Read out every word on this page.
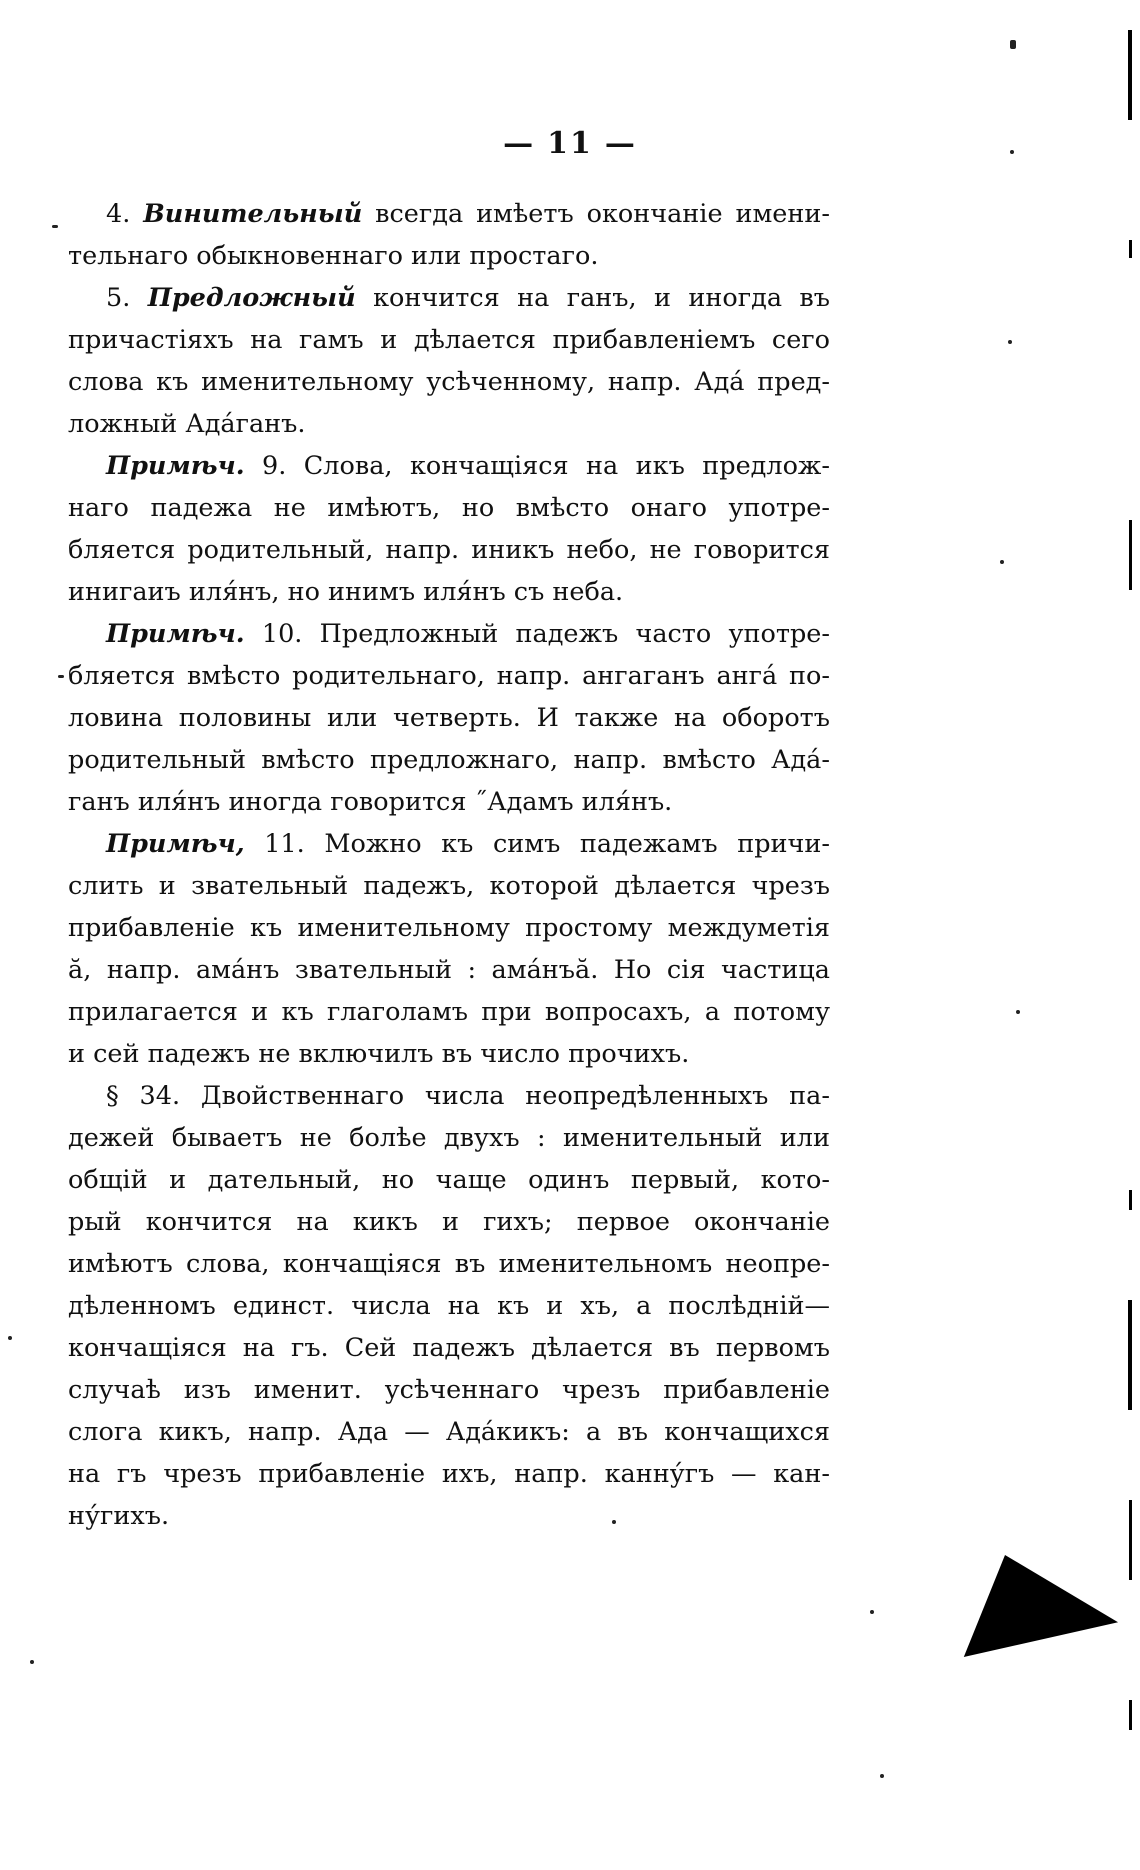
— 11 —
4. Винительный всегда имѣетъ окончаніе имени-
тельнаго обыкновеннаго или простаго.
5. Предложный кончится на ганъ, и иногда въ
причастіяхъ на гамъ и дѣлается прибавленіемъ сего
слова къ именительному усѣченному, напр. Ада́ пред-
ложный Ада́ганъ.
Примѣч. 9. Слова, кончащіяся на икъ предлож-
наго падежа не имѣютъ, но вмѣсто онаго употре-
бляется родительный, напр. иникъ небо, не говорится
инигаиъ иля́нъ, но инимъ иля́нъ съ неба.
Примѣч. 10. Предложный падежъ часто употре-
бляется вмѣсто родительнаго, напр. ангаганъ анга́ по-
ловина половины или четверть. И также на оборотъ
родительный вмѣсто предложнаго, напр. вмѣсто Ада́-
ганъ иля́нъ иногда говорится ˝Адамъ иля́нъ.
Примѣч, 11. Можно къ симъ падежамъ причи-
слить и звательный падежъ, которой дѣлается чрезъ
прибавленіе къ именительному простому междуметія
ă, напр. ама́нъ звательный : ама́нъă. Но сія частица
прилагается и къ глаголамъ при вопросахъ, а потому
и сей падежъ не включилъ въ число прочихъ.
§ 34. Двойственнаго числа неопредѣленныхъ па-
дежей бываетъ не болѣе двухъ : именительный или
общій и дательный, но чаще одинъ первый, кото-
рый кончится на кикъ и гихъ; первое окончаніе
имѣютъ слова, кончащіяся въ именительномъ неопре-
дѣленномъ единст. числа на къ и хъ, а послѣдній—
кончащіяся на гъ. Сей падежъ дѣлается въ первомъ
случаѣ изъ именит. усѣченнаго чрезъ прибавленіе
слога кикъ, напр. Ада — Ада́кикъ: а въ кончащихся
на гъ чрезъ прибавленіе ихъ, напр. канну́гъ — кан-
ну́гихъ.
